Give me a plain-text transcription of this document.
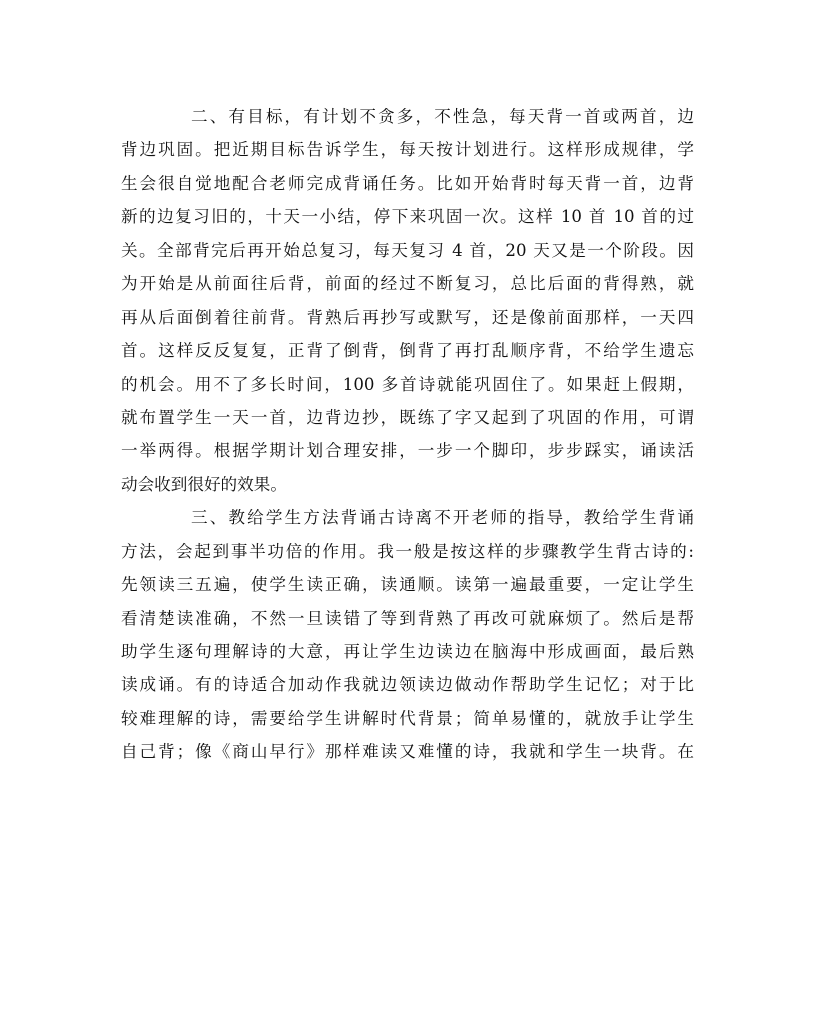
二、有目标，有计划不贪多，不性急，每天背一首或两首，边
背边巩固。把近期目标告诉学生，每天按计划进行。这样形成规律，学
生会很自觉地配合老师完成背诵任务。比如开始背时每天背一首，边背
新的边复习旧的，十天一小结，停下来巩固一次。这样 10 首 10 首的过
关。全部背完后再开始总复习，每天复习 4 首，20 天又是一个阶段。因
为开始是从前面往后背，前面的经过不断复习，总比后面的背得熟，就
再从后面倒着往前背。背熟后再抄写或默写，还是像前面那样，一天四
首。这样反反复复，正背了倒背，倒背了再打乱顺序背，不给学生遗忘
的机会。用不了多长时间，100 多首诗就能巩固住了。如果赶上假期，
就布置学生一天一首，边背边抄，既练了字又起到了巩固的作用，可谓
一举两得。根据学期计划合理安排，一步一个脚印，步步踩实，诵读活
动会收到很好的效果。
三、教给学生方法背诵古诗离不开老师的指导，教给学生背诵
方法，会起到事半功倍的作用。我一般是按这样的步骤教学生背古诗的:
先领读三五遍，使学生读正确，读通顺。读第一遍最重要，一定让学生
看清楚读准确，不然一旦读错了等到背熟了再改可就麻烦了。然后是帮
助学生逐句理解诗的大意，再让学生边读边在脑海中形成画面，最后熟
读成诵。有的诗适合加动作我就边领读边做动作帮助学生记忆；对于比
较难理解的诗，需要给学生讲解时代背景；简单易懂的，就放手让学生
自己背；像《商山早行》那样难读又难懂的诗，我就和学生一块背。在
